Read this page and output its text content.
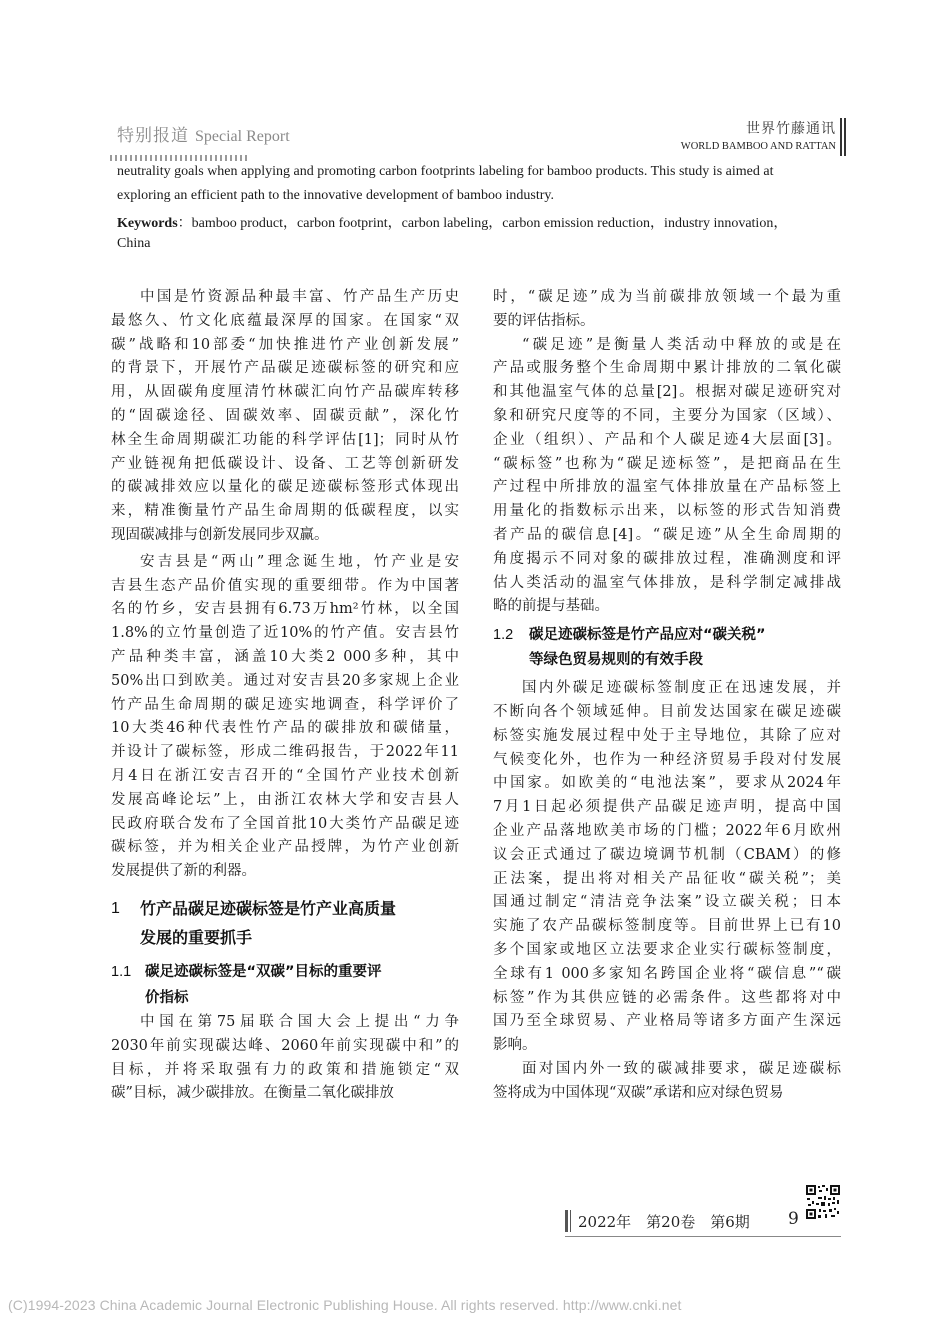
特别报道 Special Report	世界竹藤通讯
WORLD BAMBOO AND RATTAN
neutrality goals when applying and promoting carbon footprints labeling for bamboo products. This study is aimed at
exploring an efficient path to the innovative development of bamboo industry.
Keywords：bamboo product，carbon footprint，carbon labeling，carbon emission reduction，industry innovation，
China
中国是竹资源品种最丰富、竹产品生产历史
最悠久、竹文化底蕴最深厚的国家。在国家“双
碳”战略和10部委“加快推进竹产业创新发展”
的背景下，开展竹产品碳足迹碳标签的研究和应
用，从固碳角度厘清竹林碳汇向竹产品碳库转移
的“固碳途径、固碳效率、固碳贡献”，深化竹
林全生命周期碳汇功能的科学评估[1]；同时从竹
产业链视角把低碳设计、设备、工艺等创新研发
的碳减排效应以量化的碳足迹碳标签形式体现出
来，精准衡量竹产品生命周期的低碳程度，以实
现固碳减排与创新发展同步双赢。
安吉县是“两山”理念诞生地，竹产业是安
吉县生态产品价值实现的重要细带。作为中国著
名的竹乡，安吉县拥有6.73万hm²竹林，以全国
1.8%的立竹量创造了近10%的竹产值。安吉县竹
产品种类丰富，涵盖10大类2 000多种，其中
50%出口到欧美。通过对安吉县20多家规上企业
竹产品生命周期的碳足迹实地调查，科学评价了
10大类46种代表性竹产品的碳排放和碳储量，
并设计了碳标签，形成二维码报告，于2022年11
月4日在浙江安吉召开的“全国竹产业技术创新
发展高峰论坛”上，由浙江农林大学和安吉县人
民政府联合发布了全国首批10大类竹产品碳足迹
碳标签，并为相关企业产品授牌，为竹产业创新
发展提供了新的利器。
1	竹产品碳足迹碳标签是竹产业高质量
发展的重要抓手
1.1 碳足迹碳标签是“双碳”目标的重要评
价指标
中国在第75届联合国大会上提出“力争
2030年前实现碳达峰、2060年前实现碳中和”的
目标，并将采取强有力的政策和措施锁定“双
碳”目标，减少碳排放。在衡量二氧化碳排放
时，“碳足迹”成为当前碳排放领域一个最为重
要的评估指标。
“碳足迹”是衡量人类活动中释放的或是在
产品或服务整个生命周期中累计排放的二氧化碳
和其他温室气体的总量[2]。根据对碳足迹研究对
象和研究尺度等的不同，主要分为国家（区域）、
企业（组织）、产品和个人碳足迹4大层面[3]。
“碳标签”也称为“碳足迹标签”，是把商品在生
产过程中所排放的温室气体排放量在产品标签上
用量化的指数标示出来，以标签的形式告知消费
者产品的碳信息[4]。“碳足迹”从全生命周期的
角度揭示不同对象的碳排放过程，准确测度和评
估人类活动的温室气体排放，是科学制定减排战
略的前提与基础。
1.2	碳足迹碳标签是竹产品应对“碳关税”
等绿色贸易规则的有效手段
国内外碳足迹碳标签制度正在迅速发展，并
不断向各个领域延伸。目前发达国家在碳足迹碳
标签实施发展过程中处于主导地位，其除了应对
气候变化外，也作为一种经济贸易手段对付发展
中国家。如欧美的“电池法案”，要求从2024年
7月1日起必须提供产品碳足迹声明，提高中国
企业产品落地欧美市场的门槛；2022年6月欧州
议会正式通过了碳边境调节机制（CBAM）的修
正法案，提出将对相关产品征收“碳关税”；美
国通过制定“清洁竞争法案”设立碳关税；日本
实施了农产品碳标签制度等。目前世界上已有10
多个国家或地区立法要求企业实行碳标签制度，
全球有1 000多家知名跨国企业将“碳信息”“碳
标签”作为其供应链的必需条件。这些都将对中
国乃至全球贸易、产业格局等诸多方面产生深远
影响。
面对国内外一致的碳减排要求，碳足迹碳标
签将成为中国体现“双碳”承诺和应对绿色贸易
2022年　第20卷　第6期 9
(C)1994-2023 China Academic Journal Electronic Publishing House. All rights reserved. http://www.cnki.net
